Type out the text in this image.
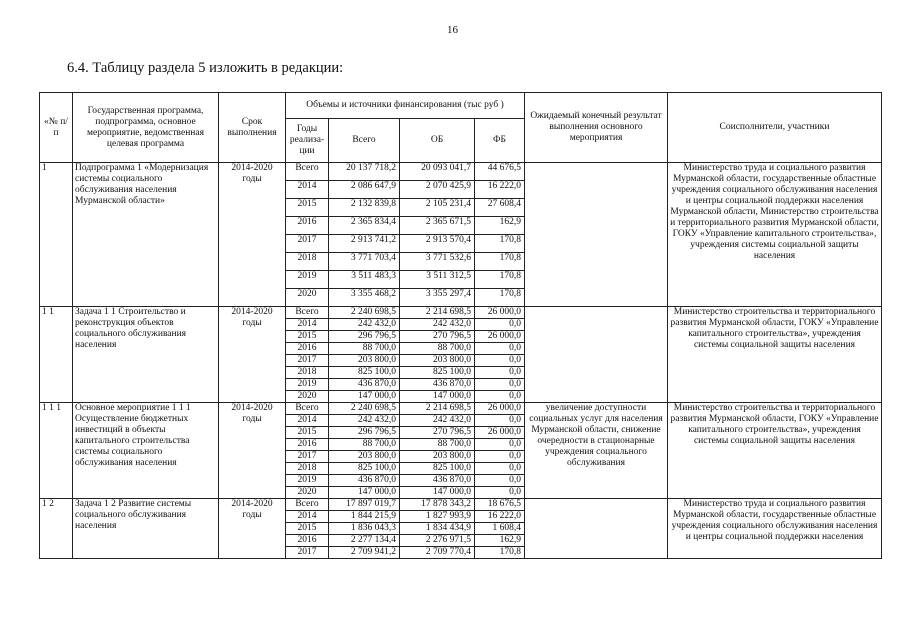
16
6.4. Таблицу раздела 5 изложить в редакции:
«№ п/п	Государственная программа, подпрограмма, основное мероприятие, ведомственная целевая программа	Срок выполнения	Объемы и источники финансирования (тыс руб )				Ожидаемый конечный результат выполнения основного мероприятия	Соисполнители, участники
			Годы реализа-ции	Всего	ОБ	ФБ		
1	Подпрограмма 1 «Модернизация системы социального обслуживания населения Мурманской области»	2014-2020 годы	Всего	20 137 718,2	20 093 041,7	44 676,5		Министерство труда и социального развития Мурманской области, государственные областные учреждения социального обслуживания населения и центры социальной поддержки населения Мурманской области, Министерство строительства и территориального развития Мурманской области, ГОКУ «Управление капитального строительства», учреждения системы социальной защиты населения
			2014	2 086 647,9	2 070 425,9	16 222,0		
			2015	2 132 839,8	2 105 231,4	27 608,4		
			2016	2 365 834,4	2 365 671,5	162,9		
			2017	2 913 741,2	2 913 570,4	170,8		
			2018	3 771 703,4	3 771 532,6	170,8		
			2019	3 511 483,3	3 511 312,5	170,8		
			2020	3 355 468,2	3 355 297,4	170,8		
1 1	Задача 1 1 Строительство и реконструкция объектов социального обслуживания населения	2014-2020 годы	Всего	2 240 698,5	2 214 698,5	26 000,0		Министерство строительства и территориального развития Мурманской области, ГОКУ «Управление капитального строительства», учреждения системы социальной защиты населения
			2014	242 432,0	242 432,0	0,0		
			2015	296 796,5	270 796,5	26 000,0		
			2016	88 700,0	88 700,0	0,0		
			2017	203 800,0	203 800,0	0,0		
			2018	825 100,0	825 100,0	0,0		
			2019	436 870,0	436 870,0	0,0		
			2020	147 000,0	147 000,0	0,0		
1 1 1	Основное мероприятие 1 1 1 Осуществление бюджетных инвестиций в объекты капитального строительства системы социального обслуживания населения	2014-2020 годы	Всего	2 240 698,5	2 214 698,5	26 000,0	увеличение доступности социальных услуг для населения Мурманской области, снижение очередности в стационарные учреждения социального обслуживания	Министерство строительства и территориального развития Мурманской области, ГОКУ «Управление капитального строительства», учреждения системы социальной защиты населения
			2014	242 432,0	242 432,0	0,0		
			2015	296 796,5	270 796,5	26 000,0		
			2016	88 700,0	88 700,0	0,0		
			2017	203 800,0	203 800,0	0,0		
			2018	825 100,0	825 100,0	0,0		
			2019	436 870,0	436 870,0	0,0		
			2020	147 000,0	147 000,0	0,0		
1 2	Задача 1 2 Развитие системы социального обслуживания населения	2014-2020 годы	Всего	17 897 019,7	17 878 343,2	18 676,5		Министерство труда и социального развития Мурманской области, государственные областные учреждения социального обслуживания населения и центры социальной поддержки населения
			2014	1 844 215,9	1 827 993,9	16 222,0		
			2015	1 836 043,3	1 834 434,9	1 608,4		
			2016	2 277 134,4	2 276 971,5	162,9		
			2017	2 709 941,2	2 709 770,4	170,8		
